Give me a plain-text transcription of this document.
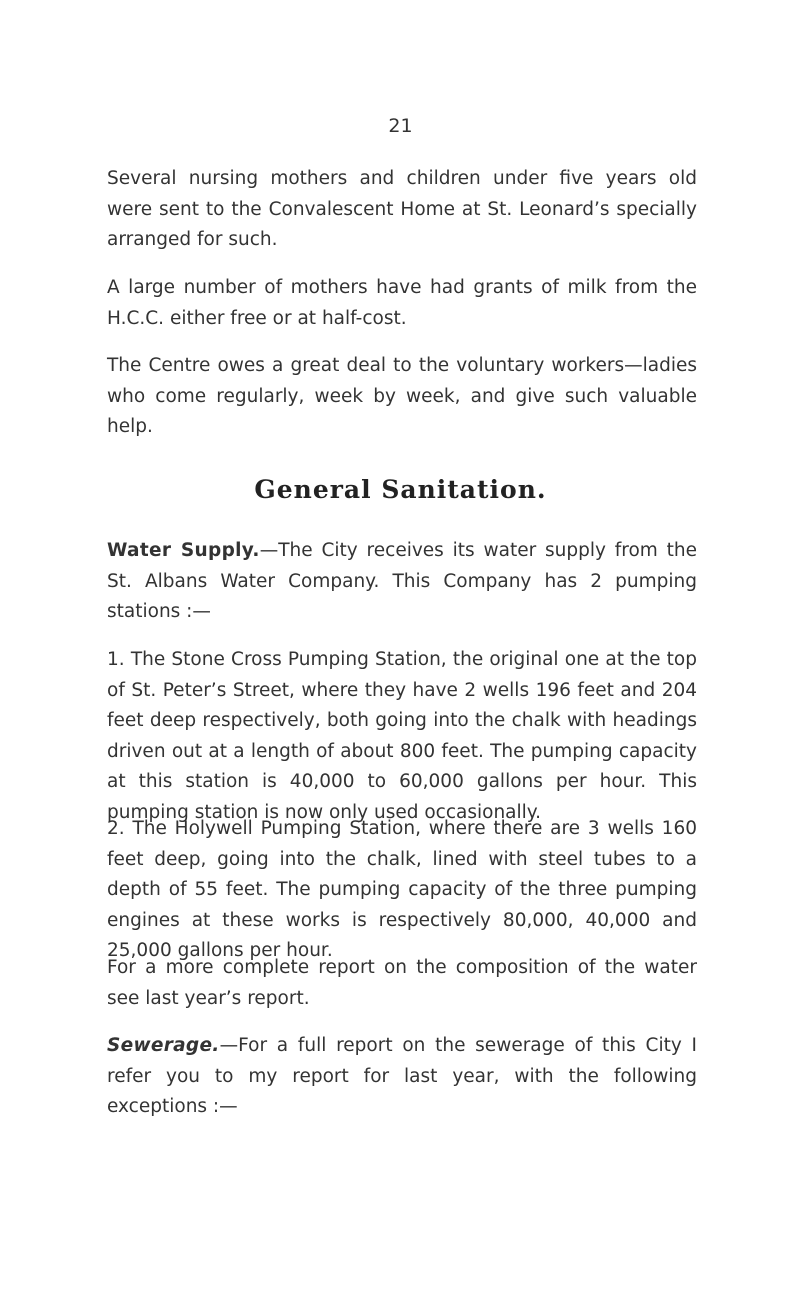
21

Several nursing mothers and children under five years old were sent to the Convalescent Home at St. Leonard’s specially arranged for such.

A large number of mothers have had grants of milk from the H.C.C. either free or at half-cost.

The Centre owes a great deal to the voluntary workers—ladies who come regularly, week by week, and give such valuable help.

General Sanitation.

Water Supply.—The City receives its water supply from the St. Albans Water Company. This Company has 2 pumping stations :—

1. The Stone Cross Pumping Station, the original one at the top of St. Peter’s Street, where they have 2 wells 196 feet and 204 feet deep respectively, both going into the chalk with headings driven out at a length of about 800 feet. The pumping capacity at this station is 40,000 to 60,000 gallons per hour. This pumping station is now only used occasionally.

2. The Holywell Pumping Station, where there are 3 wells 160 feet deep, going into the chalk, lined with steel tubes to a depth of 55 feet. The pumping capacity of the three pumping engines at these works is respectively 80,000, 40,000 and 25,000 gallons per hour.

For a more complete report on the composition of the water see last year’s report.

Sewerage.—For a full report on the sewerage of this City I refer you to my report for last year, with the following exceptions :—
